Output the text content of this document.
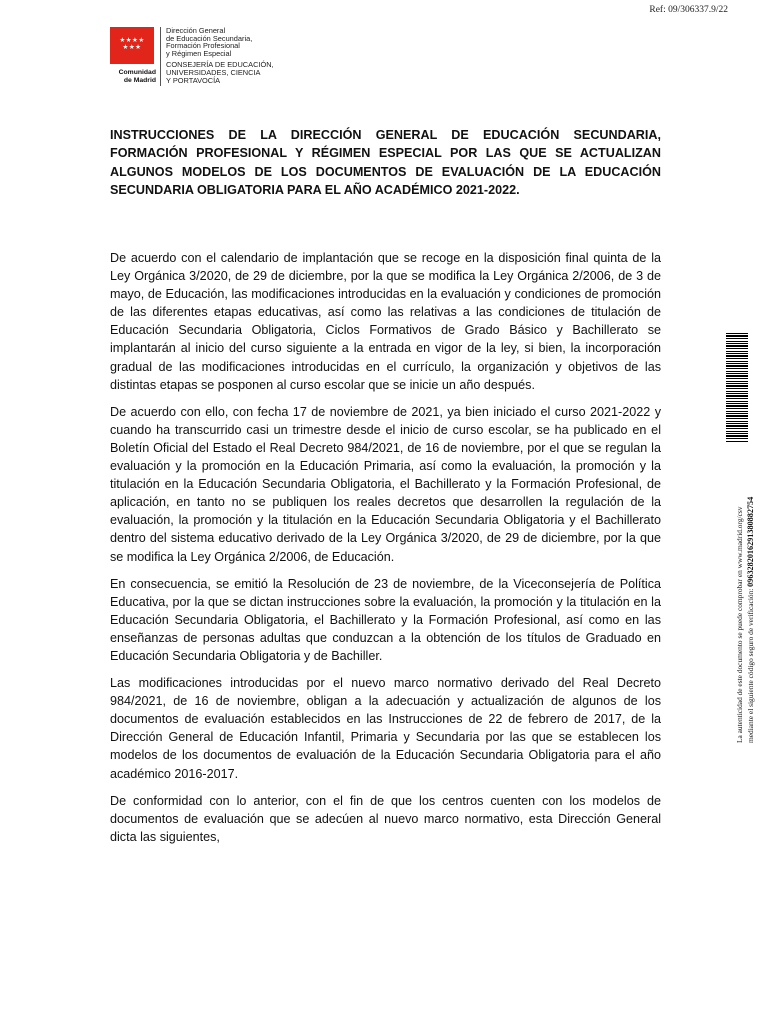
Ref: 09/306337.9/22
★★★★
★★★
Comunidad
de Madrid
Dirección General
de Educación Secundaria,
Formación Profesional
y Régimen Especial
CONSEJERÍA DE EDUCACIÓN,
UNIVERSIDADES, CIENCIA
Y PORTAVOCÍA
INSTRUCCIONES DE LA DIRECCIÓN GENERAL DE EDUCACIÓN SECUNDARIA, FORMACIÓN PROFESIONAL Y RÉGIMEN ESPECIAL POR LAS QUE SE ACTUALIZAN ALGUNOS MODELOS DE LOS DOCUMENTOS DE EVALUACIÓN DE LA EDUCACIÓN SECUNDARIA OBLIGATORIA PARA EL AÑO ACADÉMICO 2021-2022.

De acuerdo con el calendario de implantación que se recoge en la disposición final quinta de la Ley Orgánica 3/2020, de 29 de diciembre, por la que se modifica la Ley Orgánica 2/2006, de 3 de mayo, de Educación, las modificaciones introducidas en la evaluación y condiciones de promoción de las diferentes etapas educativas, así como las relativas a las condiciones de titulación de Educación Secundaria Obligatoria, Ciclos Formativos de Grado Básico y Bachillerato se implantarán al inicio del curso siguiente a la entrada en vigor de la ley, si bien, la incorporación gradual de las modificaciones introducidas en el currículo, la organización y objetivos de las distintas etapas se posponen al curso escolar que se inicie un año después.

De acuerdo con ello, con fecha 17 de noviembre de 2021, ya bien iniciado el curso 2021-2022 y cuando ha transcurrido casi un trimestre desde el inicio de curso escolar, se ha publicado en el Boletín Oficial del Estado el Real Decreto 984/2021, de 16 de noviembre, por el que se regulan la evaluación y la promoción en la Educación Primaria, así como la evaluación, la promoción y la titulación en la Educación Secundaria Obligatoria, el Bachillerato y la Formación Profesional, de aplicación, en tanto no se publiquen los reales decretos que desarrollen la regulación de la evaluación, la promoción y la titulación en la Educación Secundaria Obligatoria y el Bachillerato dentro del sistema educativo derivado de la Ley Orgánica 3/2020, de 29 de diciembre, por la que se modifica la Ley Orgánica 2/2006, de Educación.

En consecuencia, se emitió la Resolución de 23 de noviembre, de la Viceconsejería de Política Educativa, por la que se dictan instrucciones sobre la evaluación, la promoción y la titulación en la Educación Secundaria Obligatoria, el Bachillerato y la Formación Profesional, así como en las enseñanzas de personas adultas que conduzcan a la obtención de los títulos de Graduado en Educación Secundaria Obligatoria y de Bachiller.

Las modificaciones introducidas por el nuevo marco normativo derivado del Real Decreto 984/2021, de 16 de noviembre, obligan a la adecuación y actualización de algunos de los documentos de evaluación establecidos en las Instrucciones de 22 de febrero de 2017, de la Dirección General de Educación Infantil, Primaria y Secundaria por las que se establecen los modelos de los documentos de evaluación de la Educación Secundaria Obligatoria para el año académico 2016-2017.

De conformidad con lo anterior, con el fin de que los centros cuenten con los modelos de documentos de evaluación que se adecúen al nuevo marco normativo, esta Dirección General dicta las siguientes,

La autenticidad de este documento se puede comprobar en www.madrid.org/csv mediante el siguiente código seguro de verificación: 0963282016291380882754
